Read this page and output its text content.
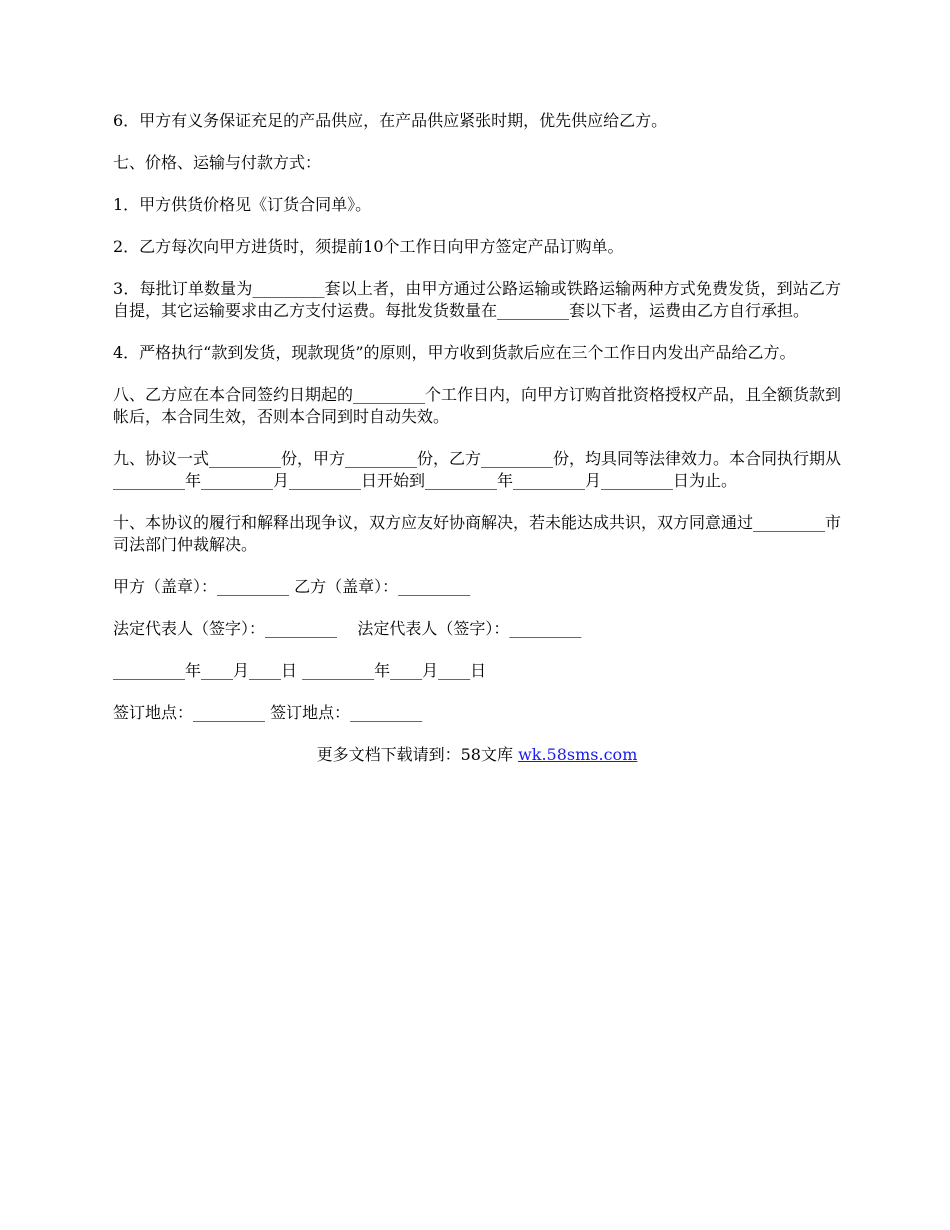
6．甲方有义务保证充足的产品供应，在产品供应紧张时期，优先供应给乙方。

七、价格、运输与付款方式：

1．甲方供货价格见《订货合同单》。

2．乙方每次向甲方进货时，须提前10个工作日向甲方签定产品订购单。

3．每批订单数量为_________套以上者，由甲方通过公路运输或铁路运输两种方式免费发货，到站乙方自提，其它运输要求由乙方支付运费。每批发货数量在_________套以下者，运费由乙方自行承担。

4．严格执行“款到发货，现款现货”的原则，甲方收到货款后应在三个工作日内发出产品给乙方。

八、乙方应在本合同签约日期起的_________个工作日内，向甲方订购首批资格授权产品，且全额货款到帐后，本合同生效，否则本合同到时自动失效。

九、协议一式_________份，甲方_________份，乙方_________份，均具同等法律效力。本合同执行期从_________年_________月_________日开始到_________年_________月_________日为止。

十、本协议的履行和解释出现争议，双方应友好协商解决，若未能达成共识，双方同意通过_________市司法部门仲裁解决。

甲方（盖章）：_________ 乙方（盖章）：_________

法定代表人（签字）：_________    法定代表人（签字）：_________

_________年____月____日 _________年____月____日

签订地点：_________ 签订地点：_________

更多文档下载请到：58文库 wk.58sms.com
